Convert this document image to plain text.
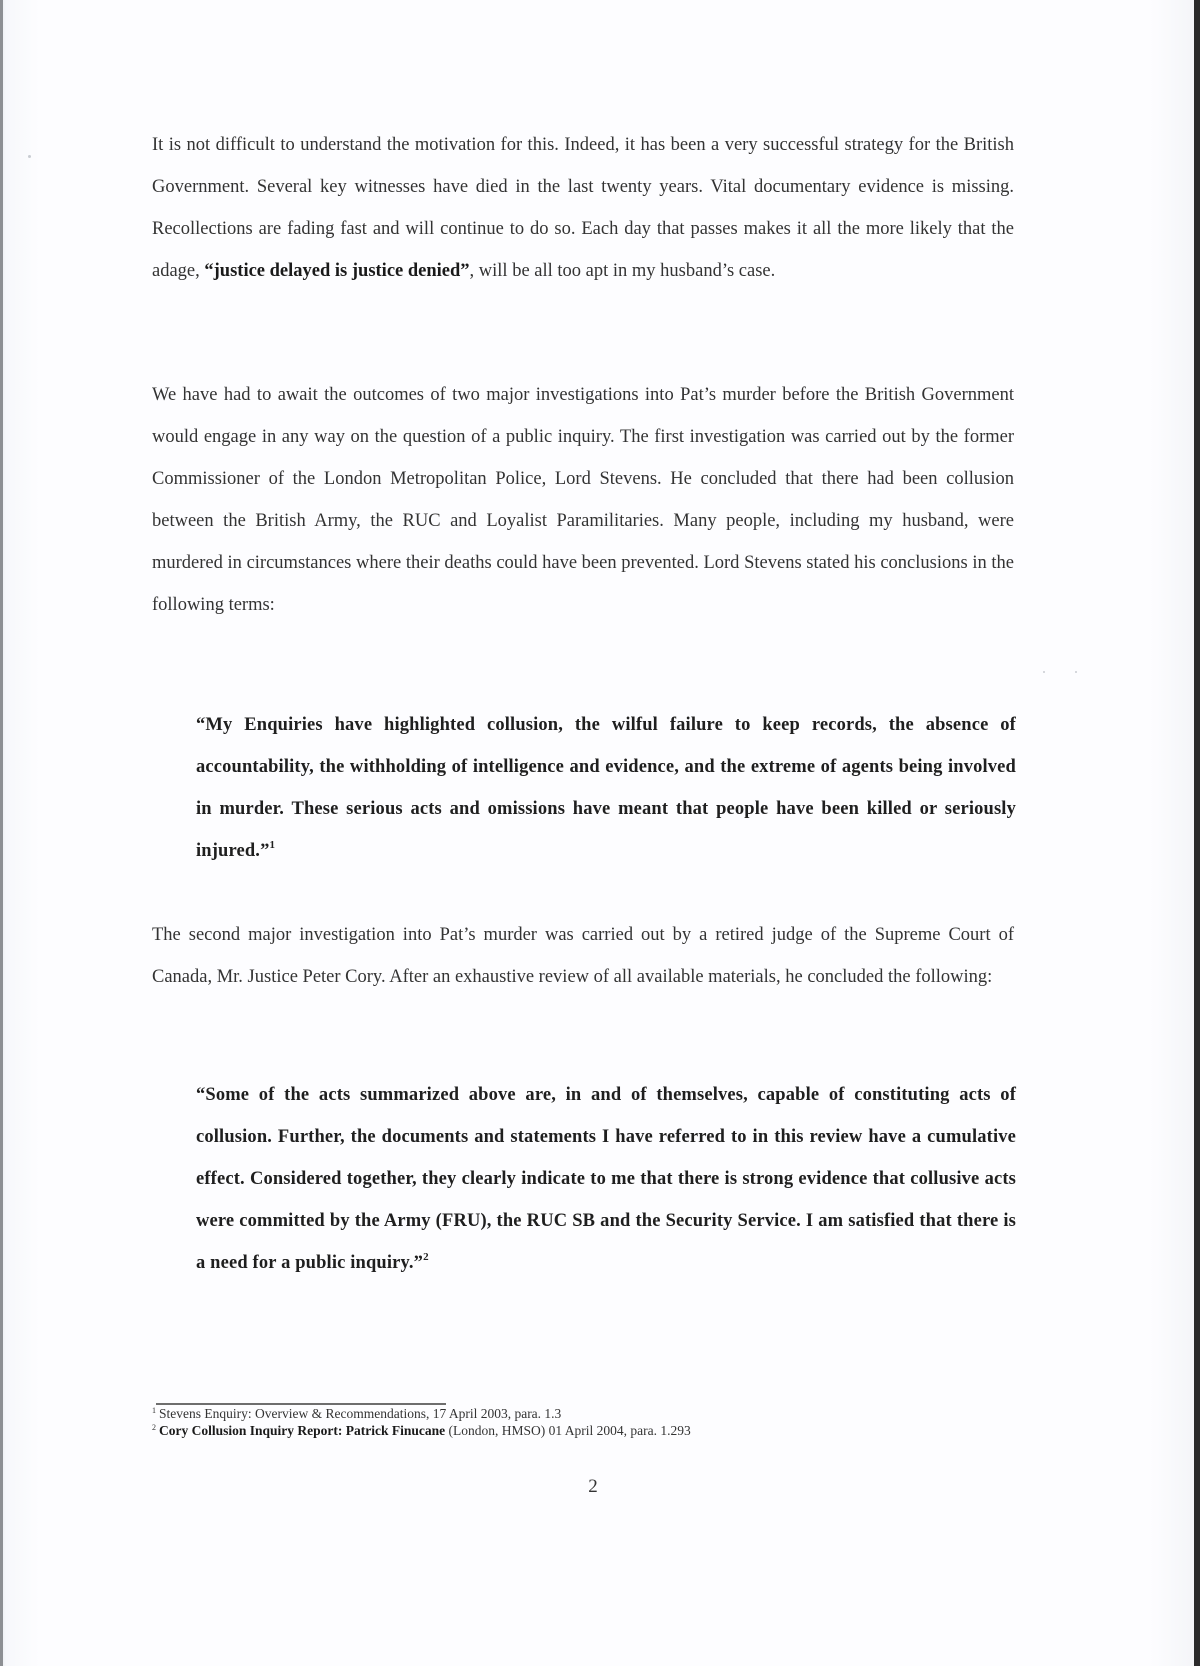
It is not difficult to understand the motivation for this. Indeed, it has been a very successful strategy for the British Government. Several key witnesses have died in the last twenty years. Vital documentary evidence is missing. Recollections are fading fast and will continue to do so. Each day that passes makes it all the more likely that the adage, “justice delayed is justice denied”, will be all too apt in my husband’s case.

We have had to await the outcomes of two major investigations into Pat’s murder before the British Government would engage in any way on the question of a public inquiry. The first investigation was carried out by the former Commissioner of the London Metropolitan Police, Lord Stevens. He concluded that there had been collusion between the British Army, the RUC and Loyalist Paramilitaries. Many people, including my husband, were murdered in circumstances where their deaths could have been prevented. Lord Stevens stated his conclusions in the following terms:

“My Enquiries have highlighted collusion, the wilful failure to keep records, the absence of accountability, the withholding of intelligence and evidence, and the extreme of agents being involved in murder. These serious acts and omissions have meant that people have been killed or seriously injured.”$^1$

The second major investigation into Pat’s murder was carried out by a retired judge of the Supreme Court of Canada, Mr. Justice Peter Cory. After an exhaustive review of all available materials, he concluded the following:

“Some of the acts summarized above are, in and of themselves, capable of constituting acts of collusion. Further, the documents and statements I have referred to in this review have a cumulative effect. Considered together, they clearly indicate to me that there is strong evidence that collusive acts were committed by the Army (FRU), the RUC SB and the Security Service. I am satisfied that there is a need for a public inquiry.”$^2$

$^1$ Stevens Enquiry: Overview & Recommendations, 17 April 2003, para. 1.3
$^2$ Cory Collusion Inquiry Report: Patrick Finucane (London, HMSO) 01 April 2004, para. 1.293
2
